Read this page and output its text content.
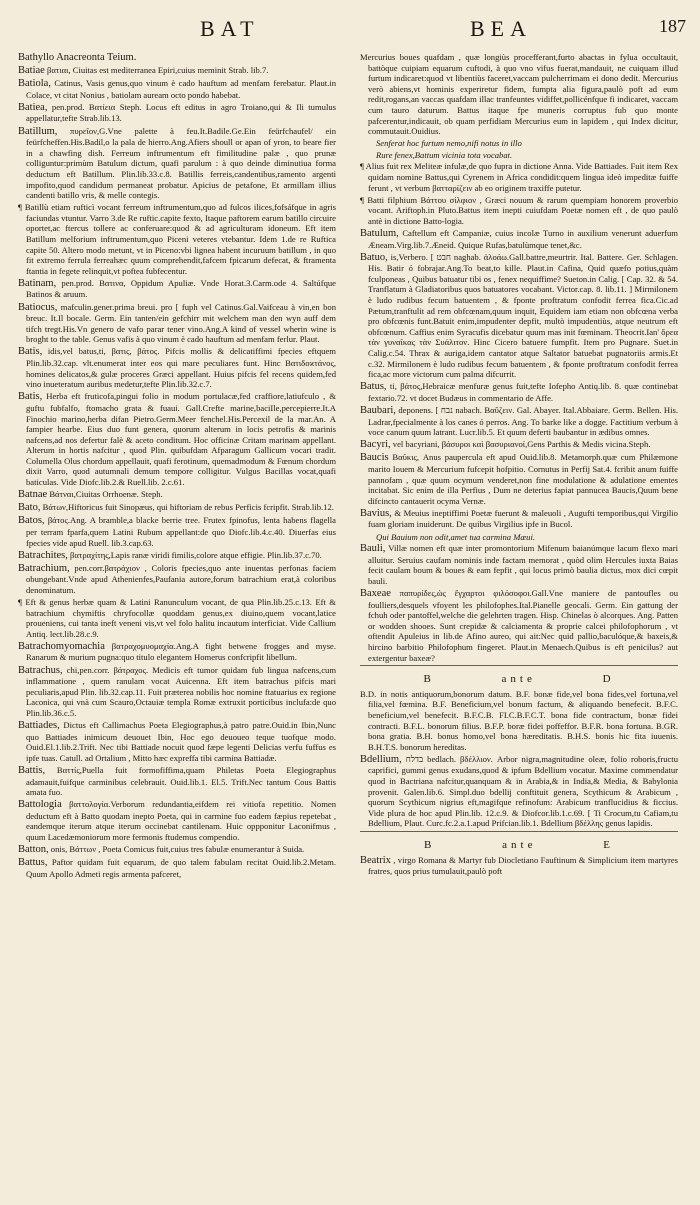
BAT	BEA	187
Bathyllo Anacreonta Teium.
Batiae βατιαι, Ciuitas est mediterranea Epiri,cuius meminit Strab. lib.7.
Batiola, Catinus, Vasis genus,quo vinum è cado hauftum ad menfam ferebatur. Plaut.in Colace, vt citat Nonius , batiolam auream octo pondo habebat.
Batiea, pen.prod. Βατίεια Steph. Locus eft editus in agro Troiano,qui & Ili tumulus appellatur,tefte Strab.lib.13.
Batillum, πυρεῖον,G.Vne palette à feu.It.Badile.Ge.Ein feürfchaufel/ ein feürfcheffen.His.Badil,o la pala de hierro.Ang.Afiers shoull or apan of yron, to beare fier in a chawfing dish. Ferreum inftrumentum eft fimilitudine palæ , quo prunæ colliguntur:primùm Batulum dictum, quafi parulum : à quo deinde diminutiua forma deductum eft Batillum. Plin.lib.33.c.8. Batillis ferreis,candentibus,ramento argenti impofito,quod candidum permaneat probatur. Apicius de petafone, Et armillam illius candenti batillo vris, & melle contegis.
¶ Batillù etiam rufticì vocant ferreum inftrumentum,quo ad fulcos ilices,fofsáfque in agris faciundas vtuntur. Varro 3.de Re ruftic.capite fexto, Itaque paftorem earum batillo circuire oportet,ac ftercus tollere ac conferuare:quod & ad agriculturam idoneum. Eft item Batillum melforium inftrumentum,quo Piceni veteres vtebantur. Idem 1.de re Ruftica capite 50. Altero modo metunt, vt in Piceno:vbi lignea habent incuruum batillum , in quo fit extremo ferrula ferreahæc quum comprehendit,fafcem fpicarum defecat, & ftramenta ftantia in fegete relinquit,vt poftea fubfecentur.
Batinam, pen.prod. Βατινα, Oppidum Apuliæ. Vnde Horat.3.Carm.ode 4. Saltúfque Batinos & aruum.
Batiocus, mafculin.gener.prima breui. pro [ fuph vel Catinus.Gal.Vaifceau à vin,en bon breuc. It.Il bocale. Germ. Ein tanten/ein gefchirr mit welchem man den wyn auff dem tifch tregt.His.Vn genero de vafo parar tener vino.Ang.A kind of vessel wherin wine is broght to the table. Genus vafis à quo vinum è cado hauftum ad menfam ferlur. Plaut.
Batis, idis,vel batus,ti, βατις, βάτος. Pifcis mollis & delicatiffimi fpecies eftquem Plin.lib.32.cap. vlt.enumerat inter eos qui mare peculiares funt. Hinc Βατιδοϰτάνος, homines delicatos,& gulæ proceres Græci appellant. Huius pifcis fel recens quidem,fed vino inueteratum auribus medetur,tefte Plin.lib.32.c.7.
Batis, Herba eft fruticofa,pingui folio in modum portulacæ,fed craffiore,latiufculo , & guftu fubfalfo, ftomacho grata & fuaui. Gall.Crefte marine,baciIle,percepierre.It.A Finochio marino,herba difan Pietro.Germ.Meer fenchel.His.Percexil de la mar.An. A fampier hearbe. Eius duo funt genera, quorum alterum in locis petrofis & marinis nafcens,ad nos defertur falè & aceto conditum. Hoc officinæ Critam marinam appellant. Alterum in hortis nafcitur , quod Plin. quibufdam Afparagum Gallicum vocari tradit. Columella Olus chordum appellauit, quafi ferotinum, quemadmodum & Fœnum chordum dixit Varro, quod autumnali demum tempore colligitur. Vulgus Bacillas vocat,quafi baticulas. Vide Diofc.lib.2.& Ruell.lib. 2.c.61.
Batnae Βάτναι,Ciuitas Orrhoenæ. Steph.
Bato, Βάτων,Hiftoricus fuit Sinopæus, qui hiftoriam de rebus Perficis fcripfit. Strab.lib.12.
Batos, βάτος.Ang. A bramble,a blacke berrie tree. Frutex fpinofus, lenta habens flagella per terram fparfa,quem Latini Rubum appellant:de quo Diofc.lib.4.c.40. Diuerfas eius fpecies vide apud Ruell. lib.3.cap.63.
Batrachites, βατραχίτης,Lapis ranæ viridi fimilis,colore atque effigie. Plin.lib.37.c.70.
Batrachium, pen.corr.βατράχιον , Coloris fpecies,quo ante inuentas perfonas faciem obungebant.Vnde apud Athenienfes,Paufania autore,forum batrachium erat,à coloribus denominatum.
¶ Eft & genus herbæ quam & Latini Ranunculum vocant, de qua Plin.lib.25.c.13. Eft & batrachium chymiftis chryfocollæ quoddam genus,ex diuino,quem vocant,latice proueniens, cui tanta ineft veneni vis,vt vel folo halitu incautum interficiat. Vide Callium Antiq. lect.lib.28.c.9.
Batrachomyomachia βατραχομυομαχία.Ang.A fight betwene frogges and myse. Ranarum & murium pugna:quo titulo elegantem Homerus confcripfit libellum.
Batrachus, chi,pen.corr. βάτραχος. Medicis eft tumor quidam fub lingua nafcens,cum inflammatione , quem ranulam vocat Auicenna. Eft item batrachus pifcis mari peculiaris,apud Plin. lib.32.cap.11. Fuit præterea nobilis hoc nomine ftatuarius ex regione Laconica, qui vnà cum Scauro,Octauiæ templa Romæ extruxit porticibus inclufa:de quo Plin.lib.36.c.5.
Battiades, Dictus eft Callimachus Poeta Elegiographus,à patro patre.Ouid.in Ibin,Nunc quo Battiades inimicum deuouet Ibin, Hoc ego deuoueo teque tuofque modo. Ouid.El.1.lib.2.Trift. Nec tibi Battiade nocuit quod fæpe legenti Delicias verfu fuffus es ipfe tuas. Catull. ad Ortalium , Mitto hæc expreffa tibi carmina Battiadæ.
Battis, Βαττίς,Puella fuit formofiffima,quam Philetas Poeta Elegiographus adamauit,fuifque carminibus celebrauit. Ouid.lib.1. El.5. Trift.Nec tantum Cous Battis amata fuo.
Battologia βαττολογία.Verborum redundantia,eifdem rei vitiofa repetitio. Nomen deductum eft à Batto quodam inepto Poeta, qui in carmine fuo eadem fæpius repetebat , eandemque iterum atque iterum occinebat cantilenam. Huic oppponitur Laconifmus , quum Lacedæmoniorum more fermonis ftudemus compendio.
Batton, onis, Βάττων , Poeta Comicus fuit,cuius tres fabulæ enumerantur à Suida.
Battus, Paftor quidam fuit equarum, de quo talem fabulam recitat Ouid.lib.2.Metam. Quum Apollo Admeti regis armenta pafceret,
Mercurius boues quafdam , quæ longiùs procefferant,furto abactas in fylua occultauit, battòque cuipiam equarum cuftodi, à quo vno vifus fuerat,mandauit, ne cuiquam illud furtum indicaret:quod vt libentiùs faceret,vaccam pulcherrimam ei dono dedit. Mercurius verò abiens,vt hominis experiretur fidem, fumpta alia figura,paulò poft ad eum redit,rogans,an vaccas quafdam illac tranfeuntes vidiffet,pollicénfque fi indicaret, vaccam cum tauro daturum. Battus itaque fpe muneris corruptus fub quo monte pafcerentur,indicauit, ob quam perfidiam Mercurius eum in lapidem , qui Index dicitur, commutauit.Ouidius.
Senferat hoc furtum nemo,nifi notus in illo
Rure fenex,Battum vicinia tota vocabat.
¶ Alius fuit rex Meliteæ infulæ,de quo fupra in dictione Anna. Vide Battiades. Fuit item Rex quidam nomine Battus,qui Cyrenem in Africa condidit:quem lingua ideò impeditæ fuiffe ferunt , vt verbum βατταρίζειν ab eo originem traxiffe putetur.
¶ Batti filphium Βάττου σίλφιον , Græci nouum & rarum quempiam honorem proverbio vocant. Ariftoph.in Pluto.Battus item inepti cuiufdam Poetæ nomen eft , de quo paulò antè in dictione Batto-logia.
Batulum, Caftellum eft Campaniæ, cuius incolæ Turno in auxilium venerunt aduerfum Æneam.Virg.lib.7.Æneid. Quique Rufas,batulùmque tenet,&c.
Batuo, is,Verbero. [ חבט naghab. ἀλοάω.Gall.battre,meurtrir. Ital. Battere. Ger. Schlagen. His. Batir ó fobrajar.Ang.To beat,to kille. Plaut.in Cafina, Quid quæfo potius,quàm fculponeas , Quibus batuatur tibi os , fenex nequiffime? Sueton.in Calig. [ Cap. 32. & 54. Tranflatum à Gladiatoribus quos batuatores vocabant. Victor.cap. 8. lib.11. ] Mirmilonem è ludo rudibus fecum batuentem , & fponte proftratum confodit ferrea fica.Cic.ad Pætum,tranftulit ad rem obfcœnam,quum inquit, Equidem iam etiam non obfcœna verba pro obfcœnis funt.Batuit enim,impudenter depfit, multò impudentiùs, atque neutrum eft obfcœnum. Caffius enim Syracufis dicebatur quum mas init fœminam. Theocrit.Ian' ὄρεα τὰν γυναῖκας τὰν Συάλιτον. Hinc Cicero batuere fumpfit. Item pro Pugnare. Suet.in Calig.c.54. Thrax & auriga,idem cantator atque Saltator batuebat pugnatoriis armis.Et c.32. Mirmilonem è ludo rudibus fecum batuentem , & fponte proftratum confodit ferrea fica,ac more victorum cum palma difcurrit.
Batus, ti, βάτος,Hebraicæ menfuræ genus fuit,tefte Iofepho Antiq.lib. 8. quæ continebat fextario.72. vt docet Budæus in commentario de Affe.
Baubari, deponens. [ נבח nabach. Βαΰζειν. Gal. Abayer. Ital.Abbaiare. Germ. Bellen. His. Ladrar,fpecialmente à los canes ó perros. Ang. To barke like a dogge. Factitium verbum à voce canum quum latrant. Lucr.lib.5. Et quum deferti baubantur in ædibus omnes.
Bacyri, vel bacyriani, βάσυροι καὶ βασυριανοί,Gens Parthis & Medis vicina.Steph.
Baucis Βαῦκις, Anus paupercula eft apud Ouid.lib.8. Metamorph.quæ cum Philæmone marito Iouem & Mercurium fufcepit hofpitio. Cornutus in Perfij Sat.4. fcribit anum fuiffe pannofam , quæ quum ocymum venderet,non fine modulatione & adulatione ementes incitabat. Sic enim de illa Perfius , Dum ne deterius fapiat pannucea Baucis,Quum bene difcincto cantauerit ocyma Vernæ.
Bavius, & Meuius ineptiffimi Poetæ fuerunt & maleuoli , Augufti temporibus,qui Virgilio fuam gloriam inuiderunt. De quibus Virgilius ipfe in Bucol.
Qui Bauium non odit,amet tua carmina Mæui.
Bauli, Villæ nomen eft quæ inter promontorium Mifenum baianúmque lacum flexo mari alluitur. Seruius caufam nominis inde factam memorat , quòd olim Hercules iuxta Baias fecit caulam boum & boues & eam fepfit , qui locus primò baulia dictus, mox dici cœpit bauli.
Baxeae παπυρίδες,ὡς ἔγχαρτοι φιλόσοφοι.Gall.Vne maniere de pantoufles ou foulliers,desquels vfoyent les philofophes.Ital.Pianelle geocali. Germ. Ein gattung der fchuh oder pantoffel,welche die gelehrten tragen. Hisp. Chinelas ò alcorques. Ang. Patten or wodden shooes. Sunt crepidæ & calciamenta & proprie calcei philofophorum , vt oftendit Apuleius in lib.de Afino aureo, qui ait:Nec quid pallio,baculóque,& baxeis,& hircino barbitio Philofophum fingeret. Plaut.in Menaech.Quibus is eft penicilus? aut extergentur baxeæ?
B	ante	D
B.D. in notis antiquorum,bonorum datum. B.F. bonæ fide,vel bona fides,vel fortuna,vel filia,vel fœmina. B.F. Beneficium,vel bonum factum, & aliquando benefecit. B.F.C. beneficium,vel benefecit. B.F.C.B. FI.C.B.F.C.T. bona fide contractum, bonæ fidei contracti. B.F.L. bonorum filius. B.F.P. boræ fidei poffeffor. B.F.R. bona fortuna. B.GR. bona gratia. B.H. bonus homo,vel bona hæreditatis. B.H.S. bonis hic fita iuuenis. B.H.T.S. bonorum hereditas.
Bdellium, בדלח bedlach. βδέλλιον. Arbor nigra,magnitudine oleæ, folio roboris,fructu caprifici, gummi genus exudans,quod & ipfum Bdellium vocatur. Maxime commendatur quod in Bactriana nafcitur,quanquam & in Arabia,& in India,& Media, & Babylonia provenit. Galen.lib.6. Simpl.duo bdellij conftituit genera, Scythicum & Arabicum , quorum Scythicum nigrius eft,magifque refinofum: Arabicum tranflucidius & ficcius. Vide plura de hoc apud Plin.lib. 12.c.9. & Diofcor.lib.1.c.69. [ Ti Crocum,tu Cafiam,tu Bdellium, Plaut. Curc.fc.2.a.1.apud Prifcian.lib.1. Bdellium βδέλλης genus lapidis.
B	ante	E
Beatrix , virgo Romana & Martyr fub Diocletiano Fauftinum & Simplicium item martyres fratres, quos prius tumulauit,paulò poft
